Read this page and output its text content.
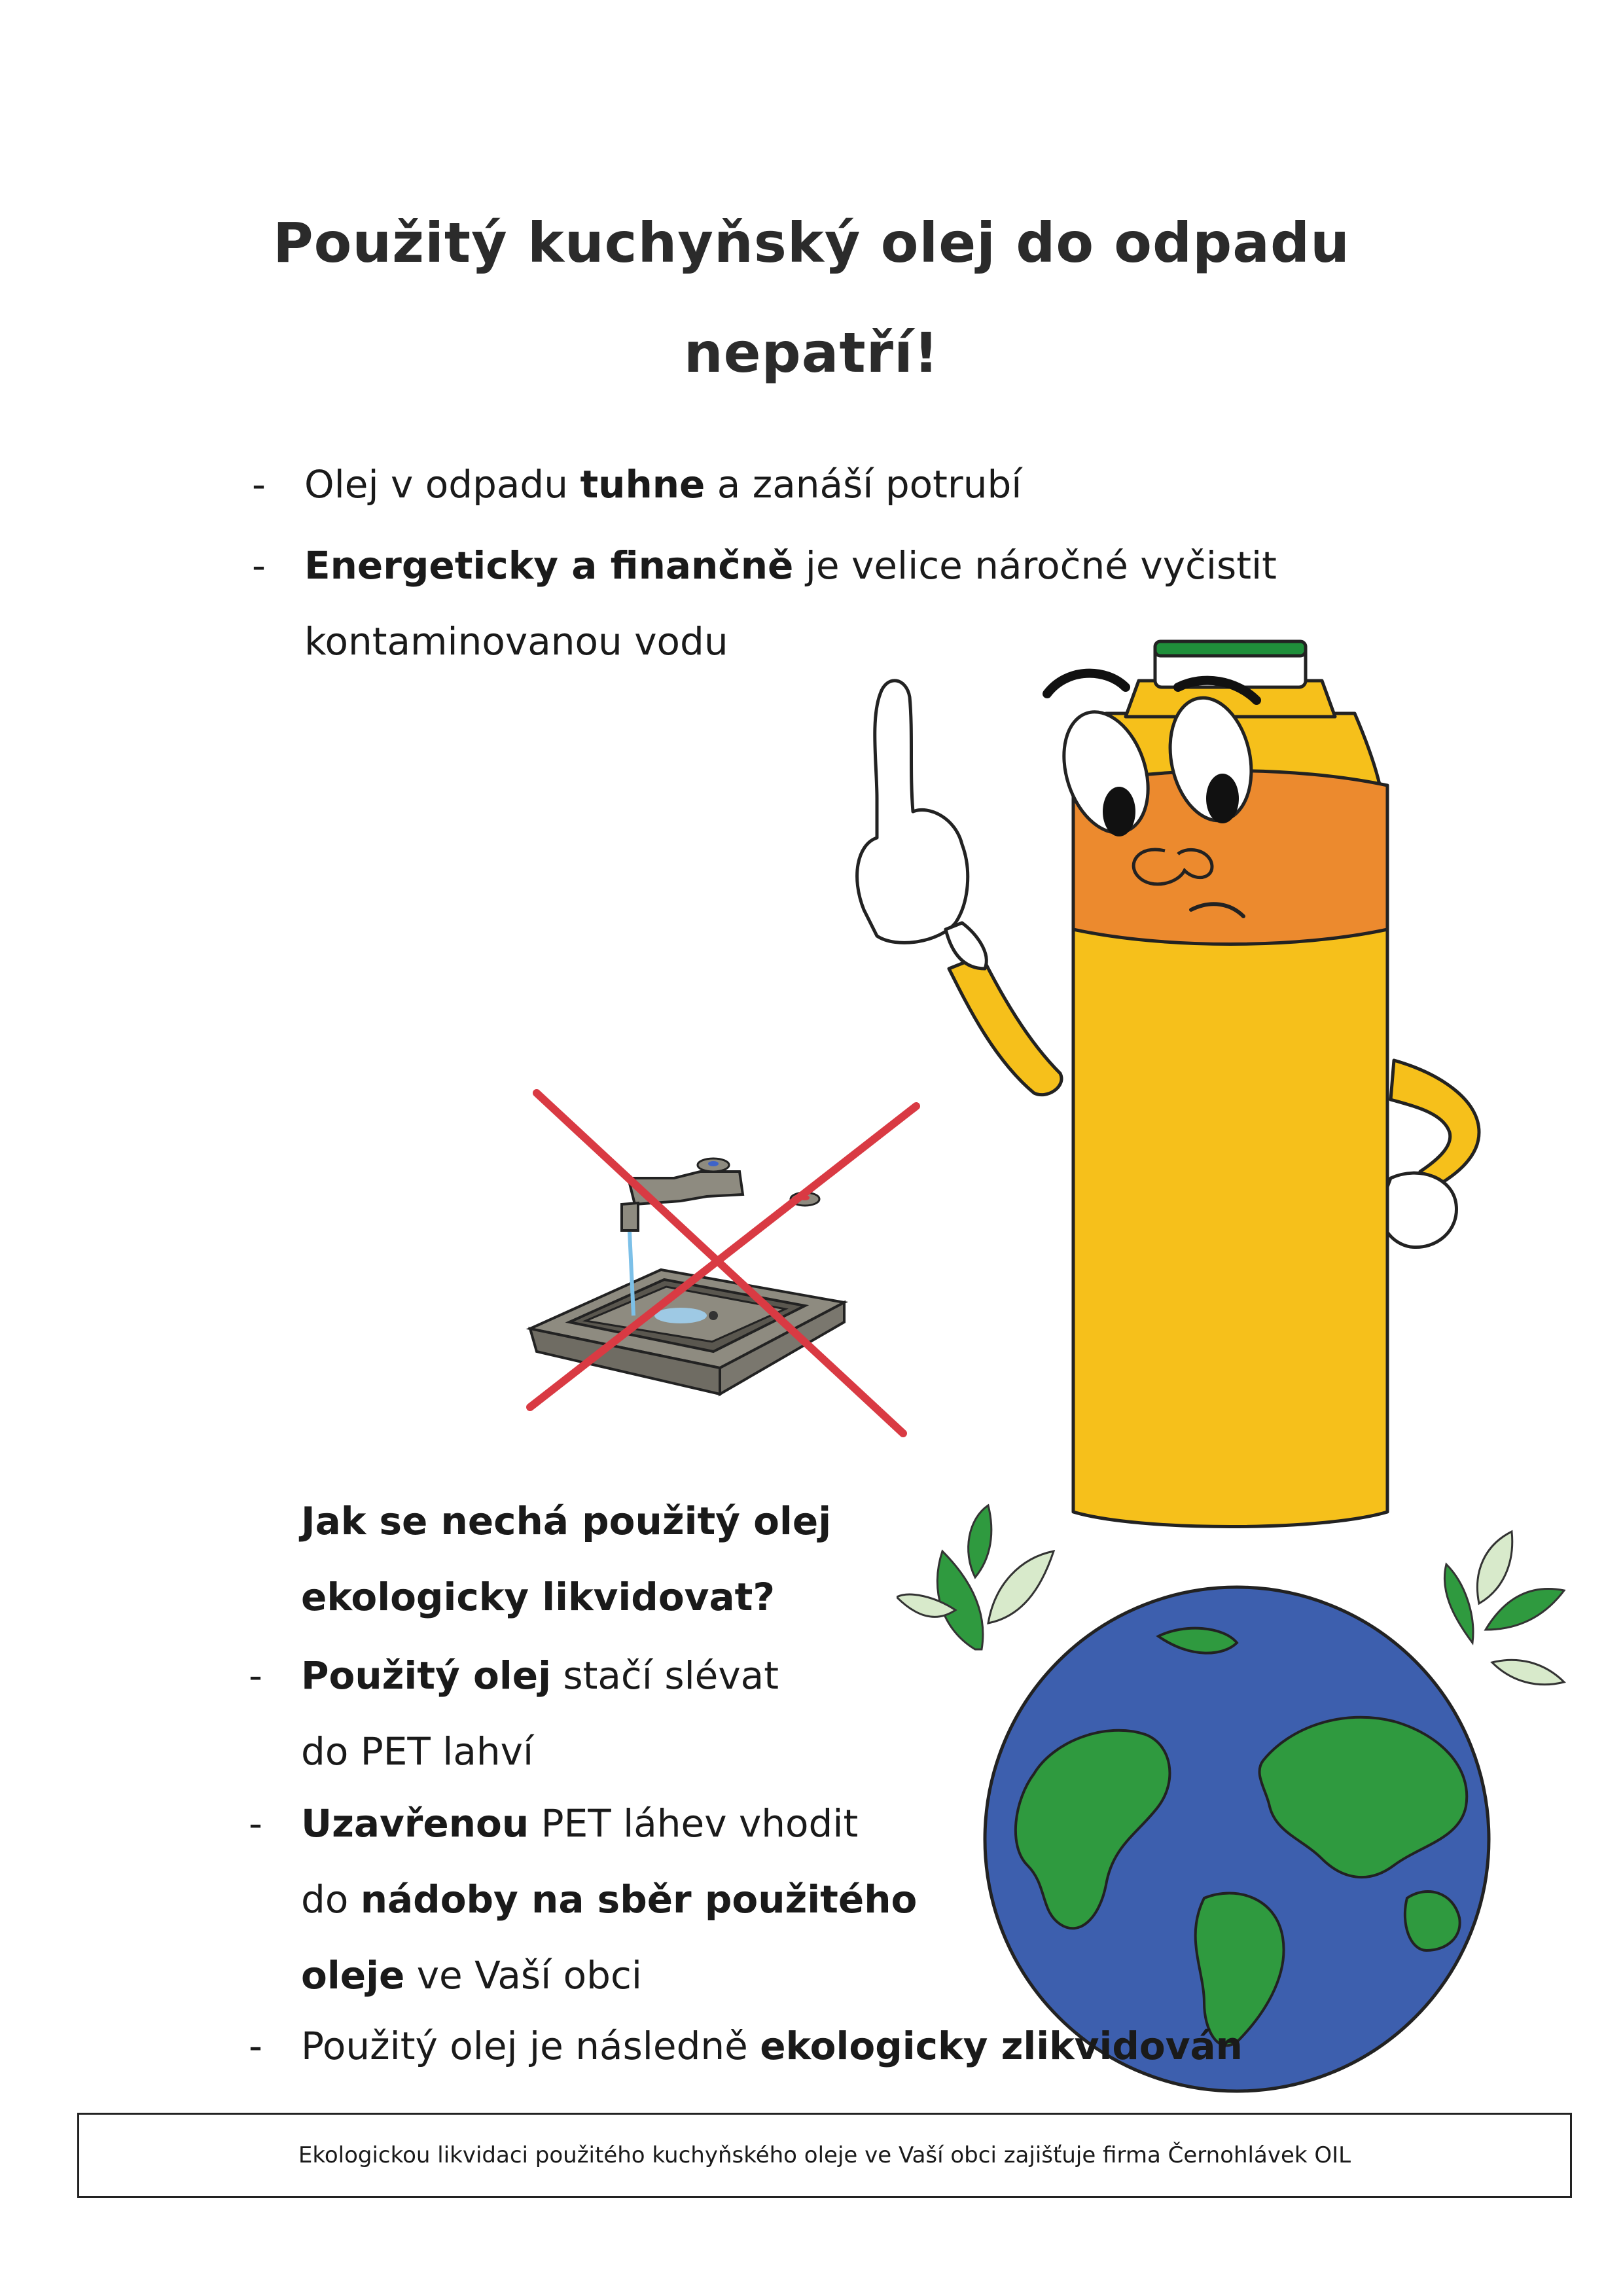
Použitý kuchyňský olej do odpadu
nepatří!
- Olej v odpadu tuhne a zanáší potrubí
- Energeticky a finančně je velice náročné vyčistit
kontaminovanou vodu
Jak se nechá použitý olej
ekologicky likvidovat?
- Použitý olej stačí slévat
do PET lahví
- Uzavřenou PET láhev vhodit
do nádoby na sběr použitého
oleje ve Vaší obci
- Použitý olej je následně ekologicky zlikvidován
Ekologickou likvidaci použitého kuchyňského oleje ve Vaší obci zajišťuje firma Černohlávek OIL
